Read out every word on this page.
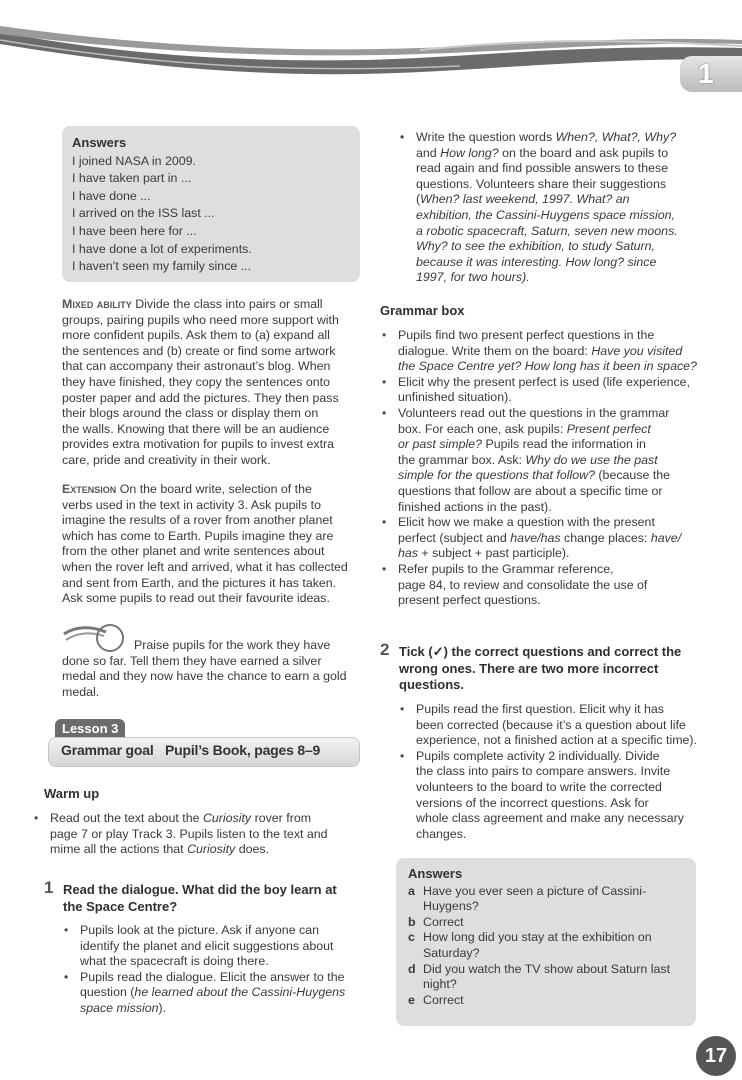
1
Answers
I joined NASA in 2009.
I have taken part in ...
I have done ...
I arrived on the ISS last ...
I have been here for ...
I have done a lot of experiments.
I haven’t seen my family since ...
Mixed ability Divide the class into pairs or small
groups, pairing pupils who need more support with
more confident pupils. Ask them to (a) expand all
the sentences and (b) create or find some artwork
that can accompany their astronaut’s blog. When
they have finished, they copy the sentences onto
poster paper and add the pictures. They then pass
their blogs around the class or display them on
the walls. Knowing that there will be an audience
provides extra motivation for pupils to invest extra
care, pride and creativity in their work.
Extension On the board write, selection of the
verbs used in the text in activity 3. Ask pupils to
imagine the results of a rover from another planet
which has come to Earth. Pupils imagine they are
from the other planet and write sentences about
when the rover left and arrived, what it has collected
and sent from Earth, and the pictures it has taken.
Ask some pupils to read out their favourite ideas.
Praise pupils for the work they have
done so far. Tell them they have earned a silver
medal and they now have the chance to earn a gold
medal.
Lesson 3
Grammar goal Pupil’s Book, pages 8–9
Warm up
• Read out the text about the Curiosity rover from
page 7 or play Track 3. Pupils listen to the text and
mime all the actions that Curiosity does.
1 Read the dialogue. What did the boy learn at
the Space Centre?
• Pupils look at the picture. Ask if anyone can
identify the planet and elicit suggestions about
what the spacecraft is doing there.
• Pupils read the dialogue. Elicit the answer to the
question (he learned about the Cassini-Huygens
space mission).
• Write the question words When?, What?, Why?
and How long? on the board and ask pupils to
read again and find possible answers to these
questions. Volunteers share their suggestions
(When? last weekend, 1997. What? an
exhibition, the Cassini-Huygens space mission,
a robotic spacecraft, Saturn, seven new moons.
Why? to see the exhibition, to study Saturn,
because it was interesting. How long? since
1997, for two hours).
Grammar box
• Pupils find two present perfect questions in the
dialogue. Write them on the board: Have you visited
the Space Centre yet? How long has it been in space?
• Elicit why the present perfect is used (life experience,
unfinished situation).
• Volunteers read out the questions in the grammar
box. For each one, ask pupils: Present perfect
or past simple? Pupils read the information in
the grammar box. Ask: Why do we use the past
simple for the questions that follow? (because the
questions that follow are about a specific time or
finished actions in the past).
• Elicit how we make a question with the present
perfect (subject and have/has change places: have/
has + subject + past participle).
• Refer pupils to the Grammar reference,
page 84, to review and consolidate the use of
present perfect questions.
2 Tick (✓) the correct questions and correct the
wrong ones. There are two more incorrect
questions.
• Pupils read the first question. Elicit why it has
been corrected (because it’s a question about life
experience, not a finished action at a specific time).
• Pupils complete activity 2 individually. Divide
the class into pairs to compare answers. Invite
volunteers to the board to write the corrected
versions of the incorrect questions. Ask for
whole class agreement and make any necessary
changes.
Answers
a Have you ever seen a picture of Cassini-
Huygens?
b Correct
c How long did you stay at the exhibition on
Saturday?
d Did you watch the TV show about Saturn last
night?
e Correct
17
